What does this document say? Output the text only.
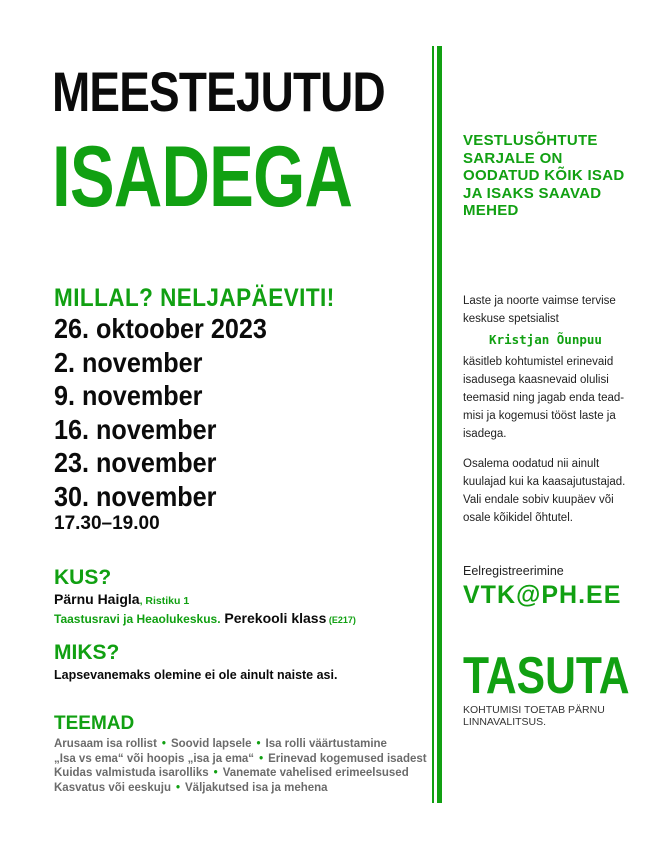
MEESTEJUTUD
ISADEGA
MILLAL? NELJAPÄEVITI!
26. oktoober 2023
2. november
9. november
16. november
23. november
30. november
17.30–19.00
KUS?
Pärnu Haigla, Ristiku 1
Taastusravi ja Heaolukeskus. Perekooli klass (E217)
MIKS?
Lapsevanemaks olemine ei ole ainult naiste asi.
TEEMAD
Arusaam isa rollist • Soovid lapsele • Isa rolli väärtustamine
„Isa vs ema“ või hoopis „isa ja ema“ • Erinevad kogemused isadest
Kuidas valmistuda isarolliks • Vanemate vahelised erimeelsused
Kasvatus või eeskuju • Väljakutsed isa ja mehena
VESTLUSÕHTUTE SARJALE ON OODATUD KÕIK ISAD JA ISAKS SAAVAD MEHED
Laste ja noorte vaimse tervise keskuse spetsialist
Kristjan Õunpuu
käsitleb kohtumistel erinevaid isadusega kaasnevaid olulisi teemasid ning jagab enda tead-misi ja kogemusi tööst laste ja isadega.
Osalema oodatud nii ainult kuulajad kui ka kaasajutustajad.
Vali endale sobiv kuupäev või osale kõikidel õhtutel.
Eelregistreerimine
VTK@PH.EE
TASUTA
KOHTUMISI TOETAB PÄRNU LINNAVALITSUS.
